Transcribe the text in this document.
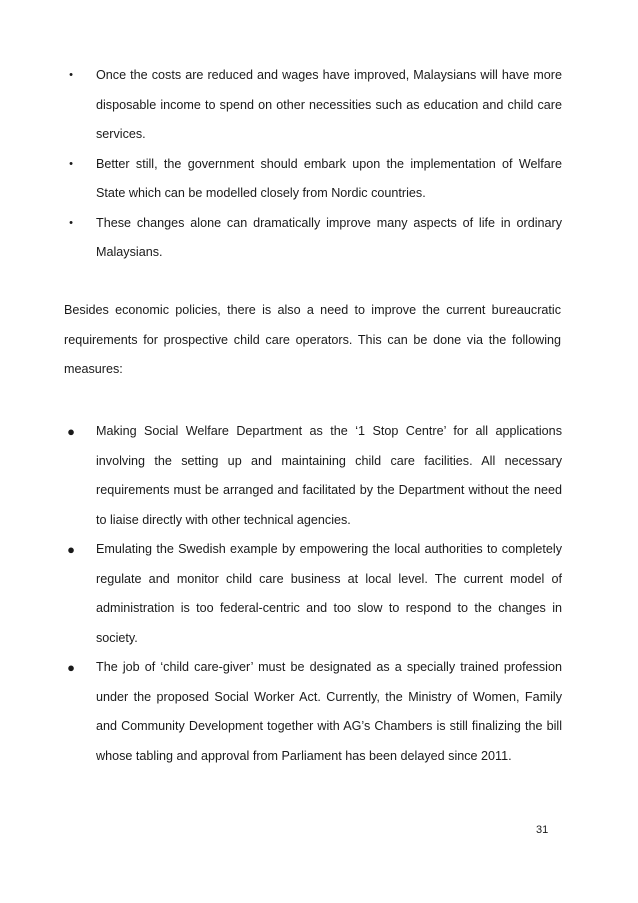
•	Once the costs are reduced and wages have improved, Malaysians will have more disposable income to spend on other necessities such as education and child care services.
•	Better still, the government should embark upon the implementation of Welfare State which can be modelled closely from Nordic countries.
•	These changes alone can dramatically improve many aspects of life in ordinary Malaysians.

Besides economic policies, there is also a need to improve the current bureaucratic requirements for prospective child care operators. This can be done via the following measures:

● Making Social Welfare Department as the ‘1 Stop Centre’ for all applications involving the setting up and maintaining child care facilities. All necessary requirements must be arranged and facilitated by the Department without the need to liaise directly with other technical agencies.
● Emulating the Swedish example by empowering the local authorities to completely regulate and monitor child care business at local level. The current model of administration is too federal-centric and too slow to respond to the changes in society.
● The job of ‘child care-giver’ must be designated as a specially trained profession under the proposed Social Worker Act. Currently, the Ministry of Women, Family and Community Development together with AG’s Chambers is still finalizing the bill whose tabling and approval from Parliament has been delayed since 2011.
31
